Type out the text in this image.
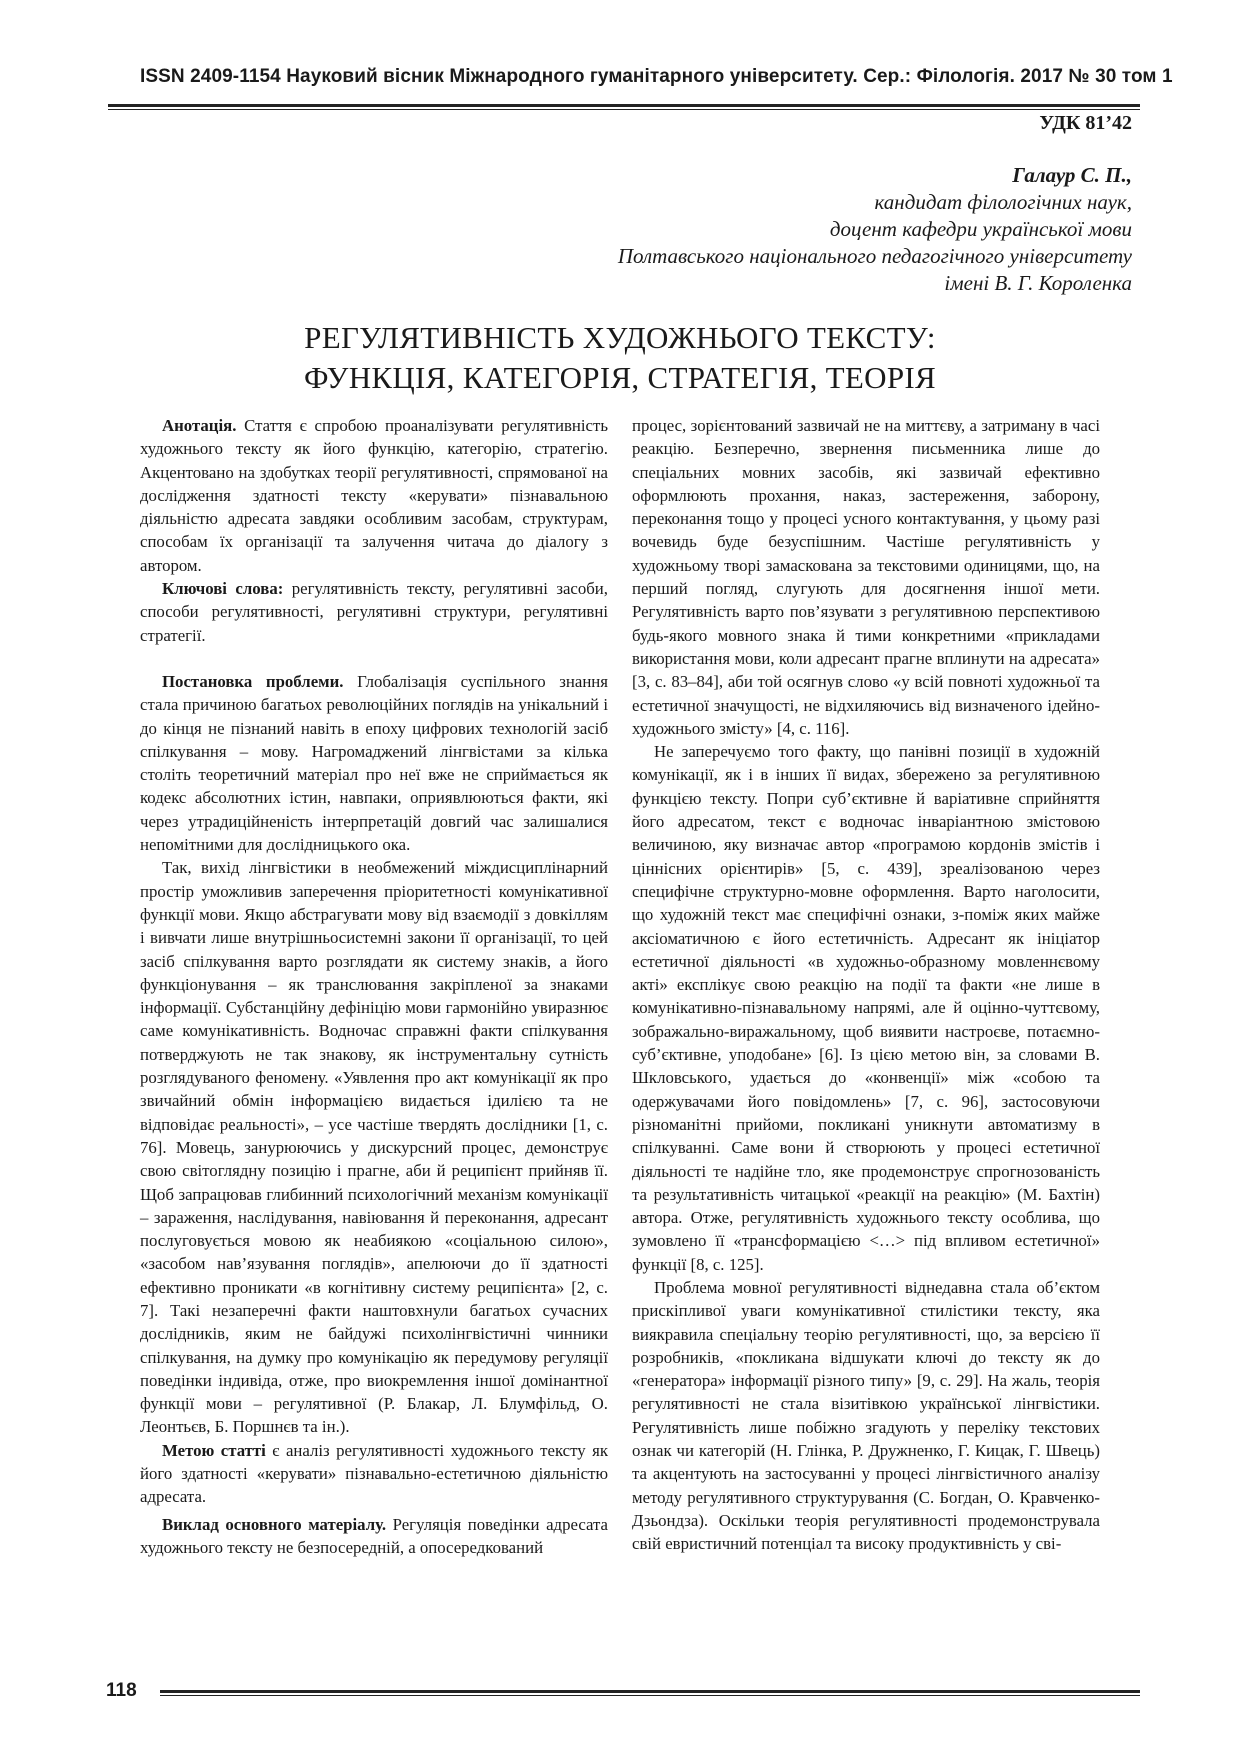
ISSN 2409-1154 Науковий вісник Міжнародного гуманітарного університету. Сер.: Філологія. 2017 № 30 том 1
УДК 81’42
Галаур С. П.,
кандидат філологічних наук,
доцент кафедри української мови
Полтавського національного педагогічного університету
імені В. Г. Короленка
РЕГУЛЯТИВНІСТЬ ХУДОЖНЬОГО ТЕКСТУ:
ФУНКЦІЯ, КАТЕГОРІЯ, СТРАТЕГІЯ, ТЕОРІЯ

Анотація. Стаття є спробою проаналізувати регулятивність художнього тексту як його функцію, категорію, стратегію. Акцентовано на здобутках теорії регулятивності, спрямованої на дослідження здатності тексту «керувати» пізнавальною діяльністю адресата завдяки особливим засобам, структурам, способам їх організації та залучення читача до діалогу з автором.

Ключові слова: регулятивність тексту, регулятивні засоби, способи регулятивності, регулятивні структури, регулятивні стратегії.

Постановка проблеми. Глобалізація суспільного знання стала причиною багатьох революційних поглядів на унікальний і до кінця не пізнаний навіть в епоху цифрових технологій засіб спілкування – мову. Нагромаджений лінгвістами за кілька століть теоретичний матеріал про неї вже не сприймається як кодекс абсолютних істин, навпаки, оприявлюються факти, які через утрадиційненість інтерпретацій довгий час залишалися непомітними для дослідницького ока.

Так, вихід лінгвістики в необмежений міждисциплінарний простір уможливив заперечення пріоритетності комунікативної функції мови. Якщо абстрагувати мову від взаємодії з довкіллям і вивчати лише внутрішньосистемні закони її організації, то цей засіб спілкування варто розглядати як систему знаків, а його функціонування – як транслювання закріпленої за знаками інформації. Субстанційну дефініцію мови гармонійно увиразнює саме комунікативність. Водночас справжні факти спілкування потверджують не так знакову, як інструментальну сутність розглядуваного феномену. «Уявлення про акт комунікації як про звичайний обмін інформацією видається ідилією та не відповідає реальності», – усе частіше твердять дослідники [1, с. 76]. Мовець, занурюючись у дискурсний процес, демонструє свою світоглядну позицію і прагне, аби й реципієнт прийняв її. Щоб запрацював глибинний психологічний механізм комунікації – зараження, наслідування, навіювання й переконання, адресант послуговується мовою як неабиякою «соціальною силою», «засобом нав’язування поглядів», апелюючи до її здатності ефективно проникати «в когнітивну систему реципієнта» [2, с. 7]. Такі незаперечні факти наштовхнули багатьох сучасних дослідників, яким не байдужі психолінгвістичні чинники спілкування, на думку про комунікацію як передумову регуляції поведінки індивіда, отже, про виокремлення іншої домінантної функції мови – регулятивної (Р. Блакар, Л. Блумфільд, О. Леонтьєв, Б. Поршнєв та ін.).

Метою статті є аналіз регулятивності художнього тексту як його здатності «керувати» пізнавально-естетичною діяльністю адресата.

Виклад основного матеріалу. Регуляція поведінки адресата художнього тексту не безпосередній, а опосередкований

процес, зорієнтований зазвичай не на миттєву, а затриману в часі реакцію. Безперечно, звернення письменника лише до спеціальних мовних засобів, які зазвичай ефективно оформлюють прохання, наказ, застереження, заборону, переконання тощо у процесі усного контактування, у цьому разі вочевидь буде безуспішним. Частіше регулятивність у художньому творі замаскована за текстовими одиницями, що, на перший погляд, слугують для досягнення іншої мети. Регулятивність варто пов’язувати з регулятивною перспективою будь-якого мовного знака й тими конкретними «прикладами використання мови, коли адресант прагне вплинути на адресата» [3, с. 83–84], аби той осягнув слово «у всій повноті художньої та естетичної значущості, не відхиляючись від визначеного ідейно-художнього змісту» [4, с. 116].

Не заперечуємо того факту, що панівні позиції в художній комунікації, як і в інших її видах, збережено за регулятивною функцією тексту. Попри суб’єктивне й варіативне сприйняття його адресатом, текст є водночас інваріантною змістовою величиною, яку визначає автор «програмою кордонів змістів і ціннісних орієнтирів» [5, с. 439], зреалізованою через специфічне структурно-мовне оформлення. Варто наголосити, що художній текст має специфічні ознаки, з-поміж яких майже аксіоматичною є його естетичність. Адресант як ініціатор естетичної діяльності «в художньо-образному мовленнєвому акті» експлікує свою реакцію на події та факти «не лише в комунікативно-пізнавальному напрямі, але й оцінно-чуттєвому, зображально-виражальному, щоб виявити настроєве, потаємно-суб’єктивне, уподобане» [6]. Із цією метою він, за словами В. Шкловського, удається до «конвенції» між «собою та одержувачами його повідомлень» [7, с. 96], застосовуючи різноманітні прийоми, покликані уникнути автоматизму в спілкуванні. Саме вони й створюють у процесі естетичної діяльності те надійне тло, яке продемонструє спрогнозованість та результативність читацької «реакції на реакцію» (М. Бахтін) автора. Отже, регулятивність художнього тексту особлива, що зумовлено її «трансформацією <…> під впливом естетичної» функції [8, с. 125].

Проблема мовної регулятивності віднедавна стала об’єктом прискіпливої уваги комунікативної стилістики тексту, яка виякравила спеціальну теорію регулятивності, що, за версією її розробників, «покликана відшукати ключі до тексту як до «генератора» інформації різного типу» [9, с. 29]. На жаль, теорія регулятивності не стала візитівкою української лінгвістики. Регулятивність лише побіжно згадують у переліку текстових ознак чи категорій (Н. Глінка, Р. Дружненко, Г. Кицак, Г. Швець) та акцентують на застосуванні у процесі лінгвістичного аналізу методу регулятивного структурування (С. Богдан, О. Кравченко-Дзьондза). Оскільки теорія регулятивності продемонструвала свій евристичний потенціал та високу продуктивність у сві-

118
